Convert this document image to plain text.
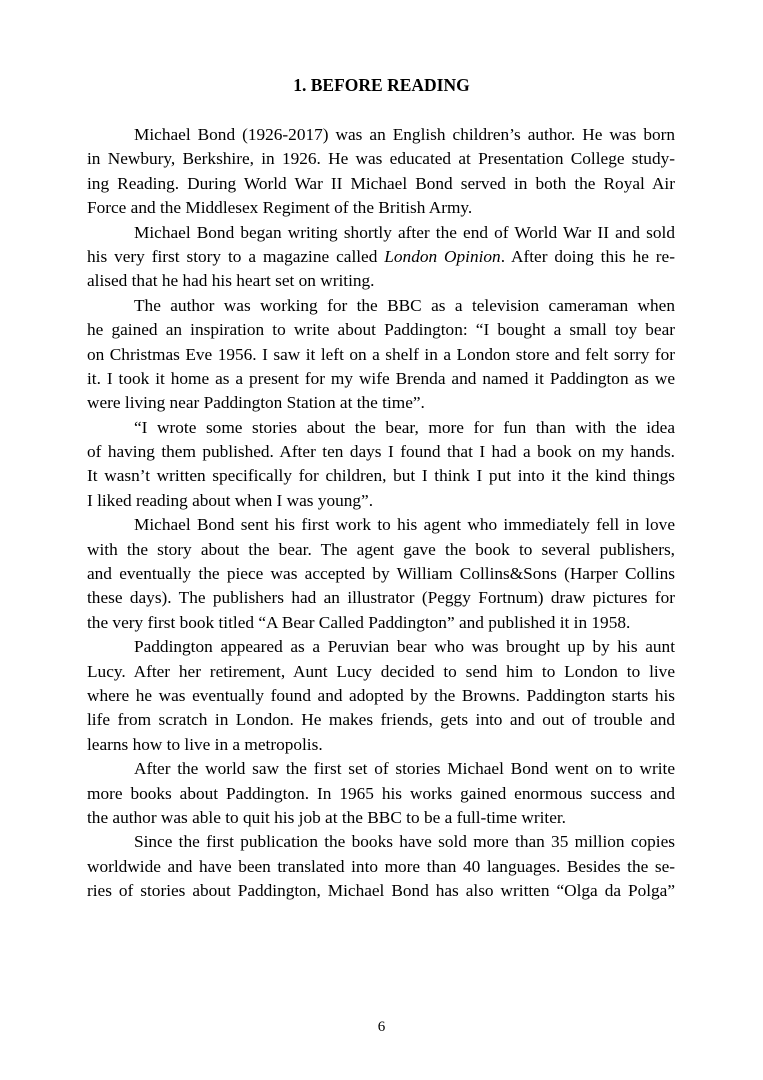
1. BEFORE READING
Michael Bond (1926-2017) was an English children’s author. He was born
in Newbury, Berkshire, in 1926. He was educated at Presentation College study-
ing Reading. During World War II Michael Bond served in both the Royal Air
Force and the Middlesex Regiment of the British Army.
Michael Bond began writing shortly after the end of World War II and sold
his very first story to a magazine called London Opinion. After doing this he re-
alised that he had his heart set on writing.
The author was working for the BBC as a television cameraman when
he gained an inspiration to write about Paddington: “I bought a small toy bear
on Christmas Eve 1956. I saw it left on a shelf in a London store and felt sorry for
it. I took it home as a present for my wife Brenda and named it Paddington as we
were living near Paddington Station at the time”.
“I wrote some stories about the bear, more for fun than with the idea
of having them published. After ten days I found that I had a book on my hands.
It wasn’t written specifically for children, but I think I put into it the kind things
I liked reading about when I was young”.
Michael Bond sent his first work to his agent who immediately fell in love
with the story about the bear. The agent gave the book to several publishers,
and eventually the piece was accepted by William Collins&Sons (Harper Collins
these days). The publishers had an illustrator (Peggy Fortnum) draw pictures for
the very first book titled “A Bear Called Paddington” and published it in 1958.
Paddington appeared as a Peruvian bear who was brought up by his aunt
Lucy. After her retirement, Aunt Lucy decided to send him to London to live
where he was eventually found and adopted by the Browns. Paddington starts his
life from scratch in London. He makes friends, gets into and out of trouble and
learns how to live in a metropolis.
After the world saw the first set of stories Michael Bond went on to write
more books about Paddington. In 1965 his works gained enormous success and
the author was able to quit his job at the BBC to be a full-time writer.
Since the first publication the books have sold more than 35 million copies
worldwide and have been translated into more than 40 languages. Besides the se-
ries of stories about Paddington, Michael Bond has also written “Olga da Polga”
6
